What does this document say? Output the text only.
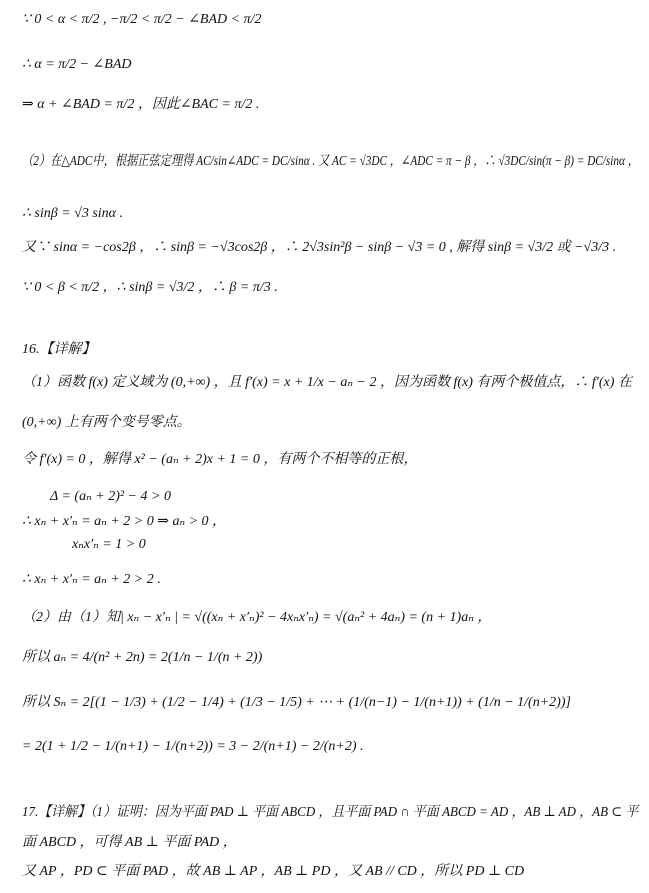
∵ 0 < α < π/2 , −π/2 < π/2 − ∠BAD < π/2
∴ α = π/2 − ∠BAD
⇒ α + ∠BAD = π/2 ，因此∠BAC = π/2 .
（2）在△ADC中，根据正弦定理得 AC/sin∠ADC = DC/sinα . 又 AC = √3DC ，∠ADC = π − β ，∴ √3DC/sin(π − β) = DC/sinα ，
∴ sinβ = √3 sinα .
又∵ sinα = −cos2β ，∴ sinβ = −√3cos2β ，∴ 2√3sin²β − sinβ − √3 = 0 , 解得 sinβ = √3/2 或 −√3/3 .
∵ 0 < β < π/2 ，∴ sinβ = √3/2 ，∴ β = π/3 .
16.【详解】
（1）函数 f(x) 定义域为 (0,+∞) ，且 f′(x) = x + 1/x − aₙ − 2 ，因为函数 f(x) 有两个极值点，∴ f′(x) 在
(0,+∞) 上有两个变号零点。
令 f′(x) = 0 ，解得 x² − (aₙ + 2)x + 1 = 0 ，有两个不相等的正根，
Δ = (aₙ + 2)² − 4 > 0
∴ xₙ + x′ₙ = aₙ + 2 > 0 ⇒ aₙ > 0 ，
xₙx′ₙ = 1 > 0
∴ xₙ + x′ₙ = aₙ + 2 > 2 .
（2）由（1）知| xₙ − x′ₙ | = √((xₙ + x′ₙ)² − 4xₙx′ₙ) = √(aₙ² + 4aₙ) = (n + 1)aₙ ，
所以 aₙ = 4/(n² + 2n) = 2(1/n − 1/(n + 2))
所以 Sₙ = 2[(1 − 1/3) + (1/2 − 1/4) + (1/3 − 1/5) + ⋯ + (1/(n−1) − 1/(n+1)) + (1/n − 1/(n+2))]
= 2(1 + 1/2 − 1/(n+1) − 1/(n+2)) = 3 − 2/(n+1) − 2/(n+2) .
17.【详解】（1）证明：因为平面 PAD ⊥ 平面 ABCD ，且平面 PAD ∩ 平面 ABCD = AD ，AB ⊥ AD ，AB ⊂ 平
面 ABCD ，可得 AB ⊥ 平面 PAD ，
又 AP ，PD ⊂ 平面 PAD ，故 AB ⊥ AP ，AB ⊥ PD ，又 AB // CD ，所以 PD ⊥ CD
